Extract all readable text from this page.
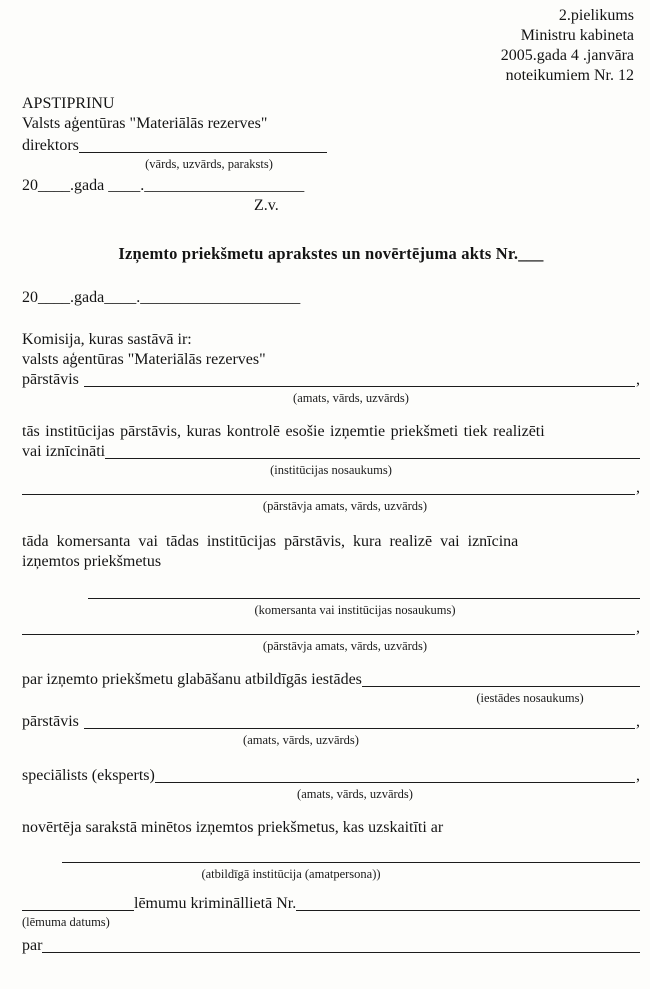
2.pielikums
Ministru kabineta
2005.gada 4 .janvāra
noteikumiem Nr. 12
APSTIPRINU
Valsts aģentūras "Materiālās rezerves"
direktors
(vārds, uzvārds, paraksts)
20____.gada ____.____________________
Z.v.
Izņemto priekšmetu aprakstes un novērtējuma akts Nr.___
20____.gada____.____________________
Komisija, kuras sastāvā ir:
valsts aģentūras "Materiālās rezerves"
pārstāvis	,
(amats, vārds, uzvārds)
tās institūcijas pārstāvis, kuras kontrolē esošie izņemtie priekšmeti tiek realizēti
vai iznīcināti
(institūcijas nosaukums)
,
(pārstāvja amats, vārds, uzvārds)
tāda komersanta vai tādas institūcijas pārstāvis, kura realizē vai iznīcina
izņemtos priekšmetus
(komersanta vai institūcijas nosaukums)
,
(pārstāvja amats, vārds, uzvārds)
par izņemto priekšmetu glabāšanu atbildīgās iestādes
(iestādes nosaukums)
pārstāvis	,
(amats, vārds, uzvārds)
speciālists (eksperts)	,
(amats, vārds, uzvārds)
novērtēja sarakstā minētos izņemtos priekšmetus, kas uzskaitīti ar
(atbildīgā institūcija (amatpersona))
lēmumu krimināllietā Nr.
(lēmuma datums)
par
